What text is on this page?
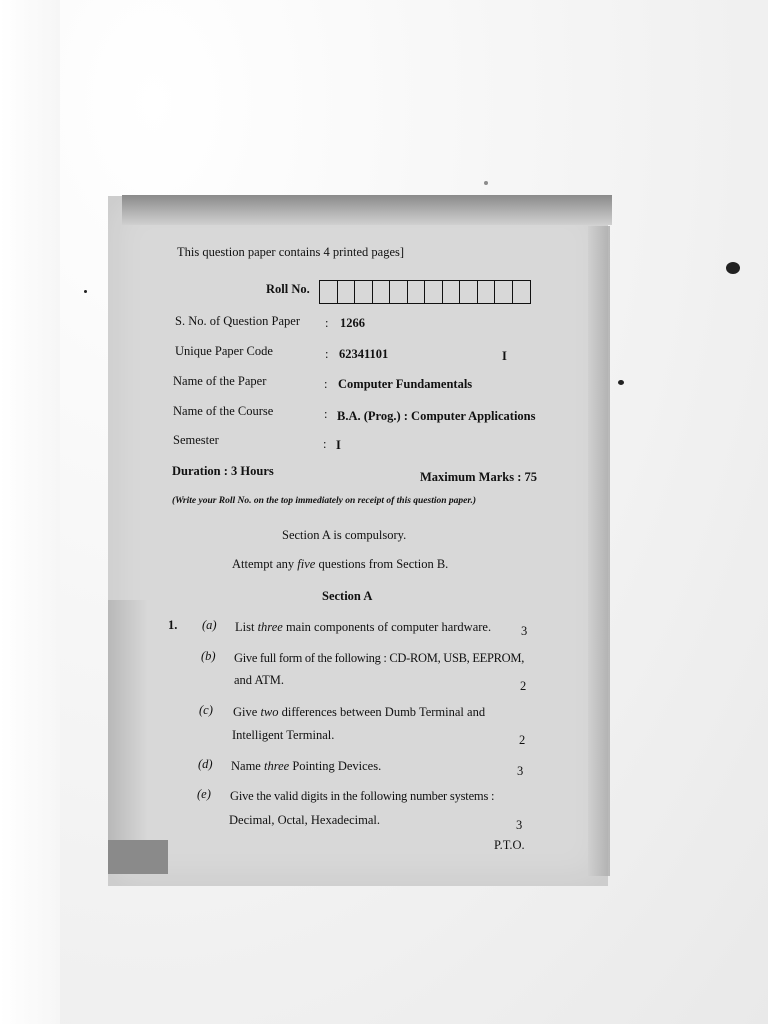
This question paper contains 4 printed pages]
Roll No.
S. No. of Question Paper : 1266
Unique Paper Code	: 62341101	I
Name of the Paper	: Computer Fundamentals
Name of the Course	: B.A. (Prog.) : Computer Applications
Semester	: I
Duration : 3 Hours	Maximum Marks : 75
(Write your Roll No. on the top immediately on receipt of this question paper.)
Section A is compulsory.
Attempt any five questions from Section B.
Section A
1. (a) List three main components of computer hardware. 3
(b) Give full form of the following : CD-ROM, USB, EEPROM,
and ATM.	2
(c) Give two differences between Dumb Terminal and
Intelligent Terminal.	2
(d) Name three Pointing Devices.	3
(e) Give the valid digits in the following number systems :
Decimal, Octal, Hexadecimal.	3
P.T.O.
